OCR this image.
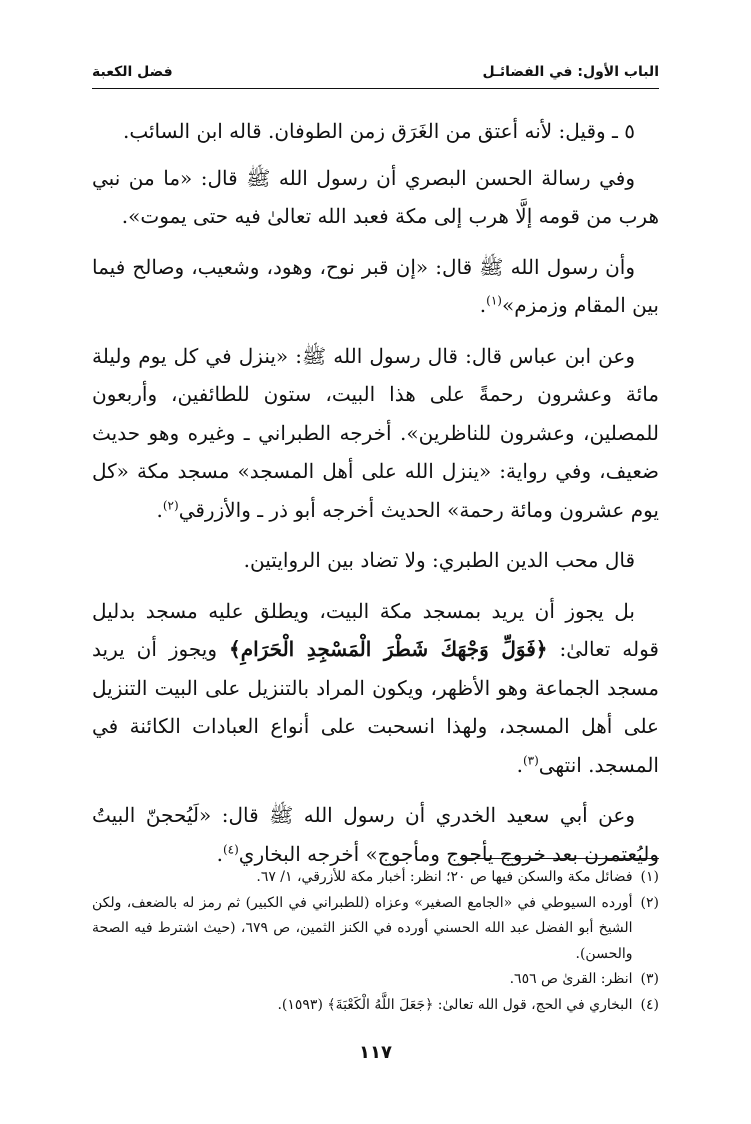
الباب الأول: في الفضائـل
فضل الكعبة

٥ ـ وقيل: لأنه أعتق من الغَرَق زمن الطوفان. قاله ابن السائب.

وفي رسالة الحسن البصري أن رسول الله ﷺ قال: «ما من نبي هرب من قومه إلَّا هرب إلى مكة فعبد الله تعالىٰ فيه حتى يموت».

وأن رسول الله ﷺ قال: «إن قبر نوح، وهود، وشعيب، وصالح فيما بين المقام وزمزم»$^{(١)}$.

وعن ابن عباس قال: قال رسول الله ﷺ: «ينزل في كل يوم وليلة مائة وعشرون رحمةً على هذا البيت، ستون للطائفين، وأربعون للمصلين، وعشرون للناظرين». أخرجه الطبراني ـ وغيره وهو حديث ضعيف، وفي رواية: «ينزل الله على أهل المسجد» مسجد مكة «كل يوم عشرون ومائة رحمة» الحديث أخرجه أبو ذر ـ والأزرقي$^{(٢)}$.

قال محب الدين الطبري: ولا تضاد بين الروايتين.

بل يجوز أن يريد بمسجد مكة البيت، ويطلق عليه مسجد بدليل قوله تعالىٰ: ﴿فَوَلِّ وَجْهَكَ شَطْرَ الْمَسْجِدِ الْحَرَامِ﴾ ويجوز أن يريد مسجد الجماعة وهو الأظهر، ويكون المراد بالتنزيل على البيت التنزيل على أهل المسجد، ولهذا انسحبت على أنواع العبادات الكائنة في المسجد. انتهى$^{(٣)}$.

وعن أبي سعيد الخدري أن رسول الله ﷺ قال: «لَيُحجنّ البيتُ وليُعتمرن بعد خروج يأجوج ومأجوج» أخرجه البخاري$^{(٤)}$.

(١)
فضائل مكة والسكن فيها ص ٢٠؛ انظر: أخبار مكة للأزرقي، ١/ ٦٧.
(٢)
أورده السيوطي في «الجامع الصغير» وعزاه (للطبراني في الكبير) ثم رمز له بالضعف، ولكن الشيخ أبو الفضل عبد الله الحسني أورده في الكنز الثمين، ص ٦٧٩، (حيث اشترط فيه الصحة والحسن).
(٣)
انظر: القرىٰ ص ٦٥٦.
(٤)
البخاري في الحج، قول الله تعالىٰ: ﴿جَعَلَ اللَّهُ الْكَعْبَةَ﴾ (١٥٩٣).
١١٧
